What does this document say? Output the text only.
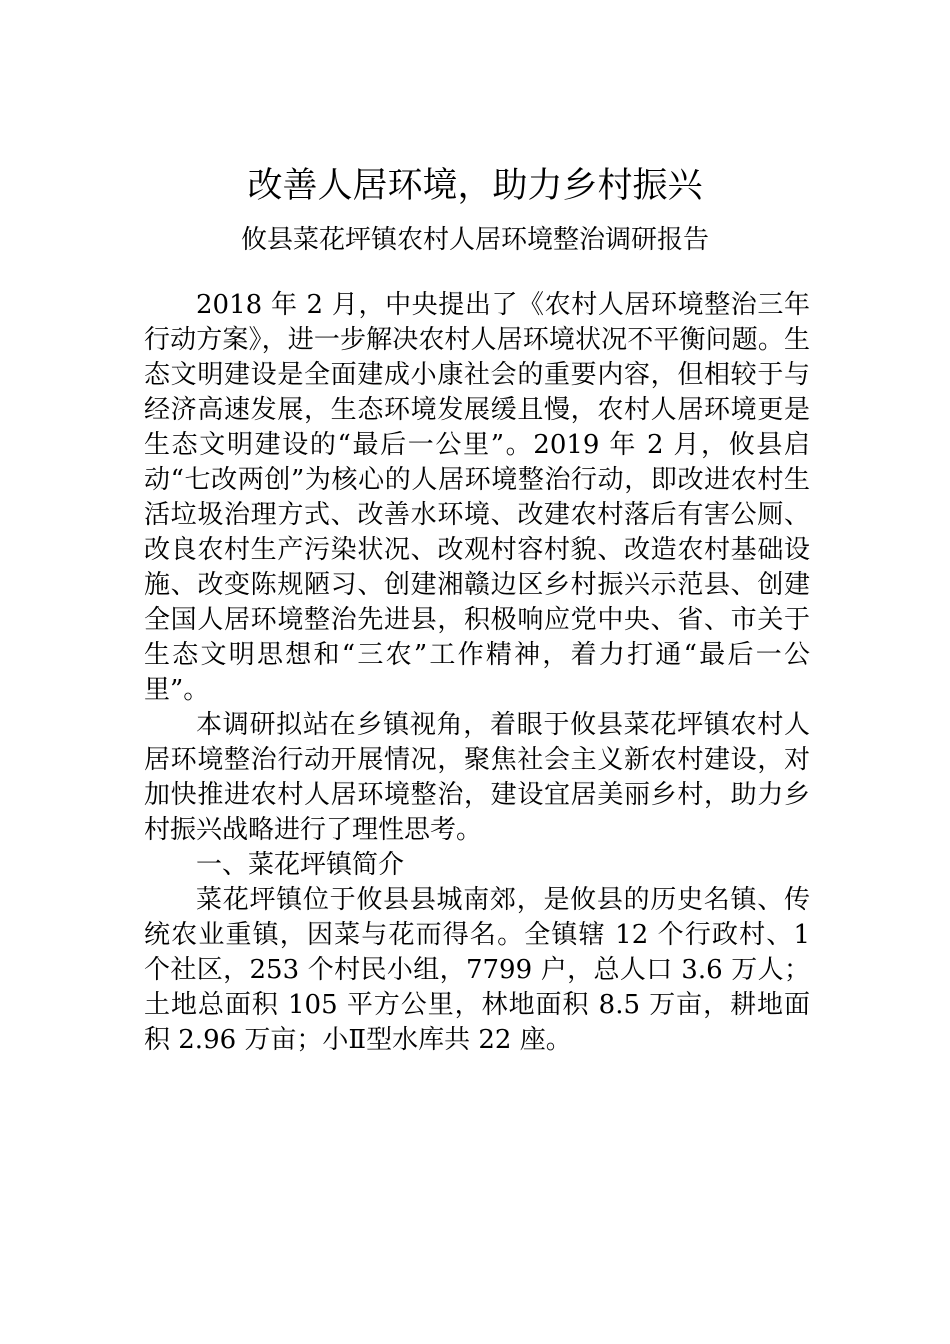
改善人居环境，助力乡村振兴
攸县菜花坪镇农村人居环境整治调研报告

2018 年 2 月，中央提出了《农村人居环境整治三年行动方案》，进一步解决农村人居环境状况不平衡问题。生态文明建设是全面建成小康社会的重要内容，但相较于与经济高速发展，生态环境发展缓且慢，农村人居环境更是生态文明建设的“最后一公里”。2019 年 2 月，攸县启动“七改两创”为核心的人居环境整治行动，即改进农村生活垃圾治理方式、改善水环境、改建农村落后有害公厕、改良农村生产污染状况、改观村容村貌、改造农村基础设施、改变陈规陋习、创建湘赣边区乡村振兴示范县、创建全国人居环境整治先进县，积极响应党中央、省、市关于生态文明思想和“三农”工作精神，着力打通“最后一公里”。

本调研拟站在乡镇视角，着眼于攸县菜花坪镇农村人居环境整治行动开展情况，聚焦社会主义新农村建设，对加快推进农村人居环境整治，建设宜居美丽乡村，助力乡村振兴战略进行了理性思考。

一、菜花坪镇简介

菜花坪镇位于攸县县城南郊，是攸县的历史名镇、传统农业重镇，因菜与花而得名。全镇辖 12 个行政村、1 个社区，253 个村民小组，7799 户，总人口 3.6 万人；土地总面积 105 平方公里，林地面积 8.5 万亩，耕地面积 2.96 万亩；小Ⅱ型水库共 22 座。
